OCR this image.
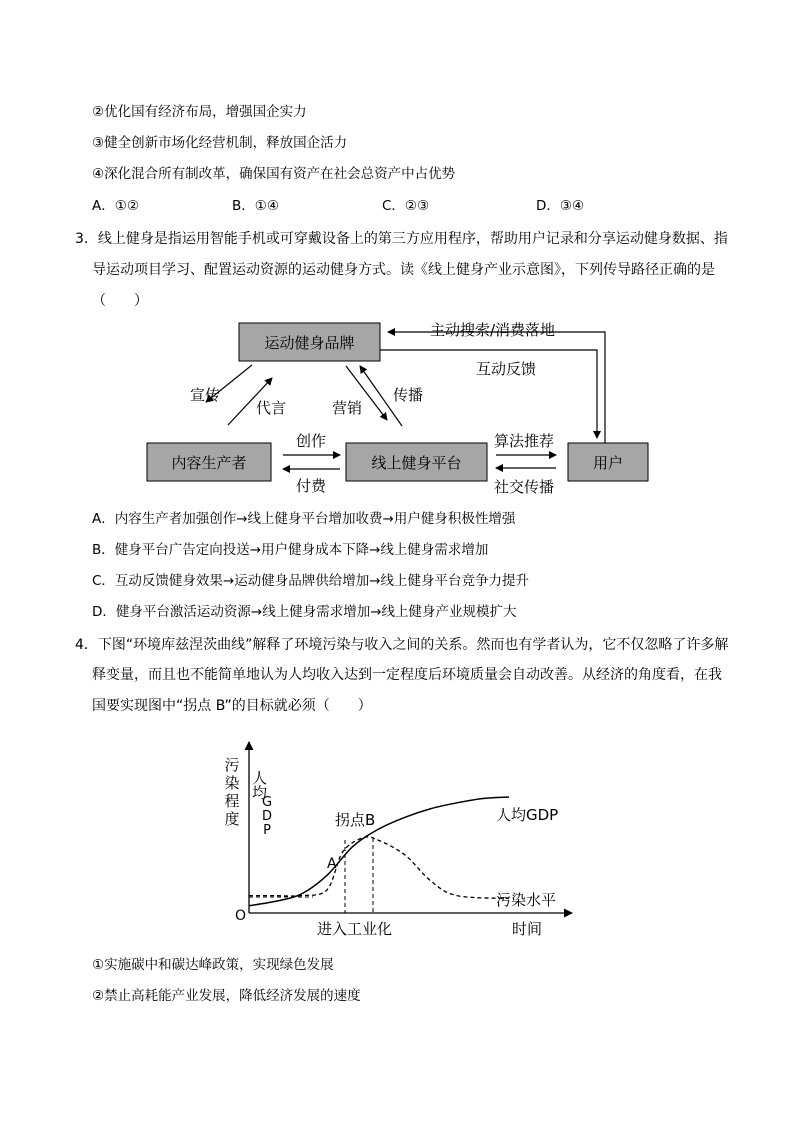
②优化国有经济布局，增强国企实力
③健全创新市场化经营机制，释放国企活力
④深化混合所有制改革，确保国有资产在社会总资产中占优势
A．①②	B．①④	C．②③	D．③④
3．线上健身是指运用智能手机或可穿戴设备上的第三方应用程序，帮助用户记录和分享运动健身数据、指
导运动项目学习、配置运动资源的运动健身方式。读《线上健身产业示意图》，下列传导路径正确的是
（　　）
运动健身品牌
内容生产者	线上健身平台	用户
主动搜索/消费落地
互动反馈
宣传
代言	营销
传播
创作
付费
算法推荐
社交传播
A．内容生产者加强创作→线上健身平台增加收费→用户健身积极性增强
B．健身平台广告定向投送→用户健身成本下降→线上健身需求增加
C．互动反馈健身效果→运动健身品牌供给增加→线上健身平台竞争力提升
D．健身平台激活运动资源→线上健身需求增加→线上健身产业规模扩大
4．下图“环境库兹涅茨曲线”解释了环境污染与收入之间的关系。然而也有学者认为，它不仅忽略了许多解
释变量，而且也不能简单地认为人均收入达到一定程度后环境质量会自动改善。从经济的角度看，在我
国要实现图中“拐点 B”的目标就必须（　　）
污
染
程
度
人均
G
D
P
O
进入工业化	时间
人均GDP
污染水平
A
拐点B
①实施碳中和碳达峰政策，实现绿色发展
②禁止高耗能产业发展，降低经济发展的速度
